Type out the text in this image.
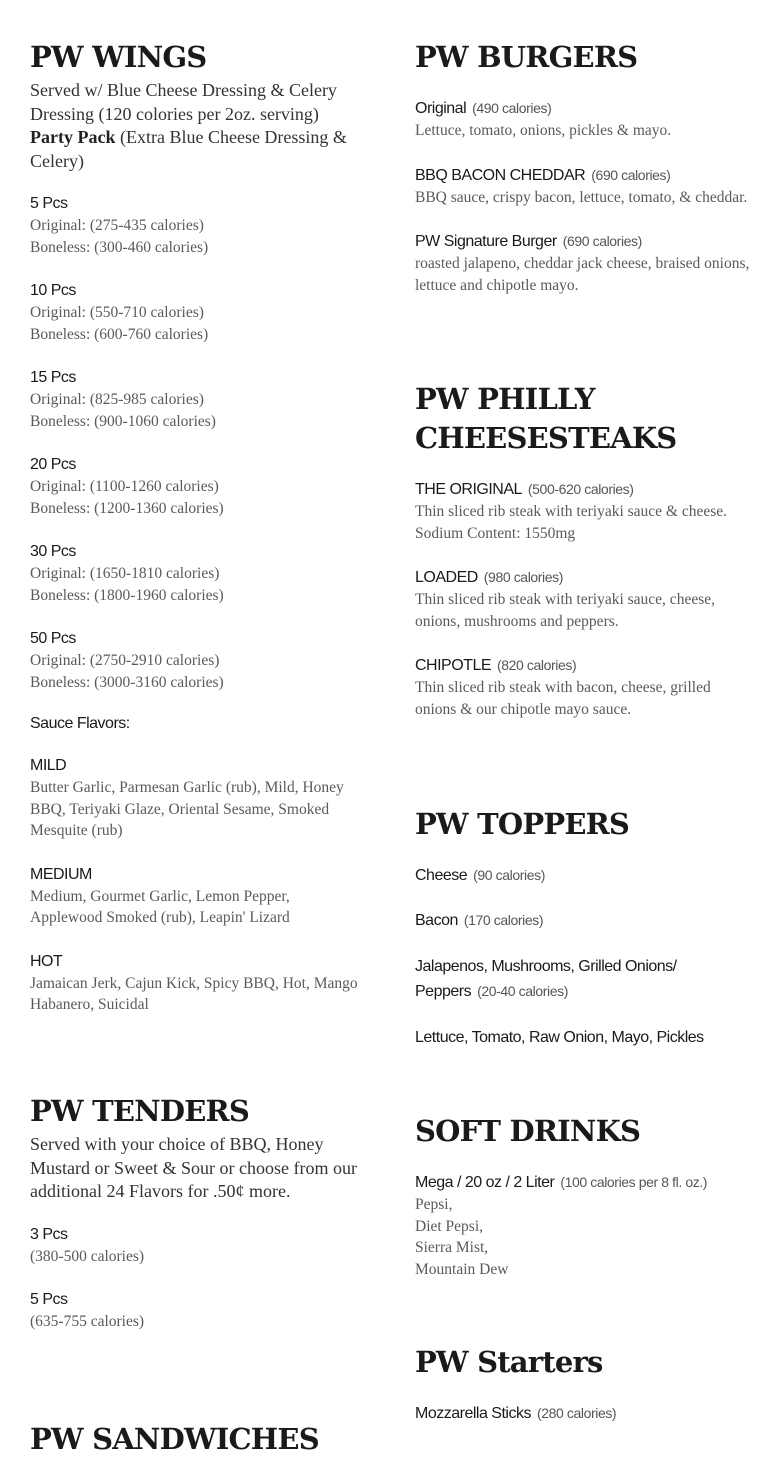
PW WINGS
Served w/ Blue Cheese Dressing & Celery Dressing (120 colories per 2oz. serving) Party Pack (Extra Blue Cheese Dressing & Celery)
5 Pcs
Original: (275-435 calories)
Boneless: (300-460 calories)
10 Pcs
Original: (550-710 calories)
Boneless: (600-760 calories)
15 Pcs
Original: (825-985 calories)
Boneless: (900-1060 calories)
20 Pcs
Original: (1100-1260 calories)
Boneless: (1200-1360 calories)
30 Pcs
Original: (1650-1810 calories)
Boneless: (1800-1960 calories)
50 Pcs
Original: (2750-2910 calories)
Boneless: (3000-3160 calories)
Sauce Flavors:
MILD
Butter Garlic, Parmesan Garlic (rub), Mild, Honey BBQ, Teriyaki Glaze, Oriental Sesame, Smoked Mesquite (rub)
MEDIUM
Medium, Gourmet Garlic, Lemon Pepper, Applewood Smoked (rub), Leapin' Lizard
HOT
Jamaican Jerk, Cajun Kick, Spicy BBQ, Hot, Mango Habanero, Suicidal
PW TENDERS
Served with your choice of BBQ, Honey Mustard or Sweet & Sour or choose from our additional 24 Flavors for .50¢ more.
3 Pcs
(380-500 calories)
5 Pcs
(635-755 calories)
PW SANDWICHES
PW BURGERS
Original (490 calories)
Lettuce, tomato, onions, pickles & mayo.
BBQ BACON CHEDDAR (690 calories)
BBQ sauce, crispy bacon, lettuce, tomato, & cheddar.
PW Signature Burger (690 calories)
roasted jalapeno, cheddar jack cheese, braised onions, lettuce and chipotle mayo.
PW PHILLY
CHEESESTEAKS
THE ORIGINAL (500-620 calories)
Thin sliced rib steak with teriyaki sauce & cheese.
Sodium Content: 1550mg
LOADED (980 calories)
Thin sliced rib steak with teriyaki sauce, cheese, onions, mushrooms and peppers.
CHIPOTLE (820 calories)
Thin sliced rib steak with bacon, cheese, grilled onions & our chipotle mayo sauce.
PW TOPPERS
Cheese (90 calories)
Bacon (170 calories)
Jalapenos, Mushrooms, Grilled Onions/ Peppers (20-40 calories)
Lettuce, Tomato, Raw Onion, Mayo, Pickles
SOFT DRINKS
Mega / 20 oz / 2 Liter (100 calories per 8 fl. oz.)
Pepsi,
Diet Pepsi,
Sierra Mist,
Mountain Dew
PW Starters
Mozzarella Sticks (280 calories)
